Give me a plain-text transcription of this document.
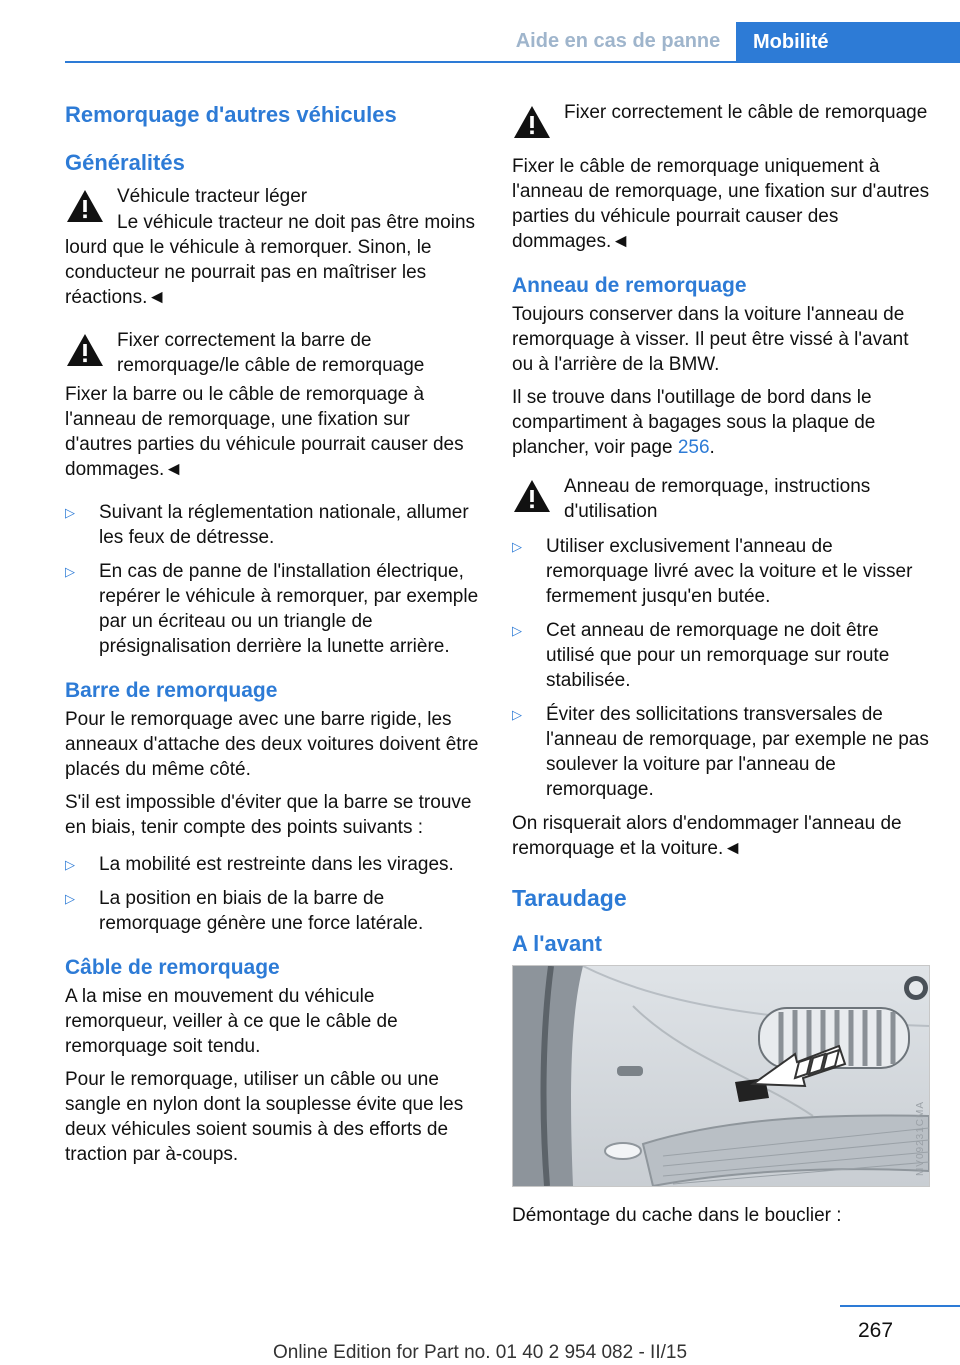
Aide en cas de panne	Mobilité
Remorquage d'autres véhicules
Généralités
Véhicule tracteur léger

Le véhicule tracteur ne doit pas être moins lourd que le véhicule à remorquer. Sinon, le conducteur ne pourrait pas en maîtriser les réactions.◄

Fixer correctement la barre de remorquage/le câble de remorquage

Fixer la barre ou le câble de remorquage à l'anneau de remorquage, une fixation sur d'autres parties du véhicule pourrait causer des dommages.◄

▷ Suivant la réglementation nationale, allumer les feux de détresse.
▷ En cas de panne de l'installation électrique, repérer le véhicule à remorquer, par exemple par un écriteau ou un triangle de présignalisation derrière la lunette arrière.
Barre de remorquage

Pour le remorquage avec une barre rigide, les anneaux d'attache des deux voitures doivent être placés du même côté.

S'il est impossible d'éviter que la barre se trouve en biais, tenir compte des points suivants :

▷ La mobilité est restreinte dans les virages.
▷ La position en biais de la barre de remorquage génère une force latérale.
Câble de remorquage

A la mise en mouvement du véhicule remorqueur, veiller à ce que le câble de remorquage soit tendu.

Pour le remorquage, utiliser un câble ou une sangle en nylon dont la souplesse évite que les deux véhicules soient soumis à des efforts de traction par à-coups.

Fixer correctement le câble de remorquage

Fixer le câble de remorquage uniquement à l'anneau de remorquage, une fixation sur d'autres parties du véhicule pourrait causer des dommages.◄

Anneau de remorquage

Toujours conserver dans la voiture l'anneau de remorquage à visser. Il peut être vissé à l'avant ou à l'arrière de la BMW.

Il se trouve dans l'outillage de bord dans le compartiment à bagages sous la plaque de plancher, voir page 256.

Anneau de remorquage, instructions d'utilisation
▷ Utiliser exclusivement l'anneau de remorquage livré avec la voiture et le visser fermement jusqu'en butée.
▷ Cet anneau de remorquage ne doit être utilisé que pour un remorquage sur route stabilisée.
▷ Éviter des sollicitations transversales de l'anneau de remorquage, par exemple ne pas soulever la voiture par l'anneau de remorquage.

On risquerait alors d'endommager l'anneau de remorquage et la voiture.◄

Taraudage
A l'avant
MV09231CMA

Démontage du cache dans le bouclier :

267
Online Edition for Part no. 01 40 2 954 082 - II/15
